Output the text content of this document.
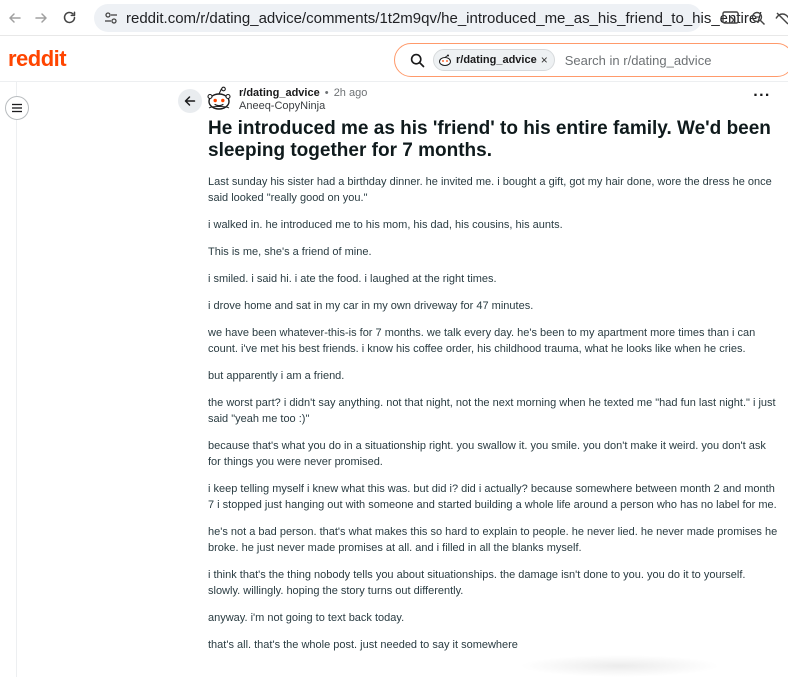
reddit.com/r/dating_advice/comments/1t2m9qv/he_introduced_me_as_his_friend_to_his_entire/
reddit	r/dating_advice ×
Search in r/dating_advice
r/dating_advice • 2h ago
Aneeq-CopyNinja
···
He introduced me as his 'friend' to his entire family. We'd been sleeping together for 7 months.

Last sunday his sister had a birthday dinner. he invited me. i bought a gift, got my hair done, wore the dress he once said looked "really good on you."

i walked in. he introduced me to his mom, his dad, his cousins, his aunts.

This is me, she's a friend of mine.

i smiled. i said hi. i ate the food. i laughed at the right times.

i drove home and sat in my car in my own driveway for 47 minutes.

we have been whatever-this-is for 7 months. we talk every day. he's been to my apartment more times than i can count. i've met his best friends. i know his coffee order, his childhood trauma, what he looks like when he cries.

but apparently i am a friend.

the worst part? i didn't say anything. not that night, not the next morning when he texted me "had fun last night." i just said "yeah me too :)"

because that's what you do in a situationship right. you swallow it. you smile. you don't make it weird. you don't ask for things you were never promised.

i keep telling myself i knew what this was. but did i? did i actually? because somewhere between month 2 and month 7 i stopped just hanging out with someone and started building a whole life around a person who has no label for me.

he's not a bad person. that's what makes this so hard to explain to people. he never lied. he never made promises he broke. he just never made promises at all. and i filled in all the blanks myself.

i think that's the thing nobody tells you about situationships. the damage isn't done to you. you do it to yourself. slowly. willingly. hoping the story turns out differently.

anyway. i'm not going to text back today.

that's all. that's the whole post. just needed to say it somewhere
